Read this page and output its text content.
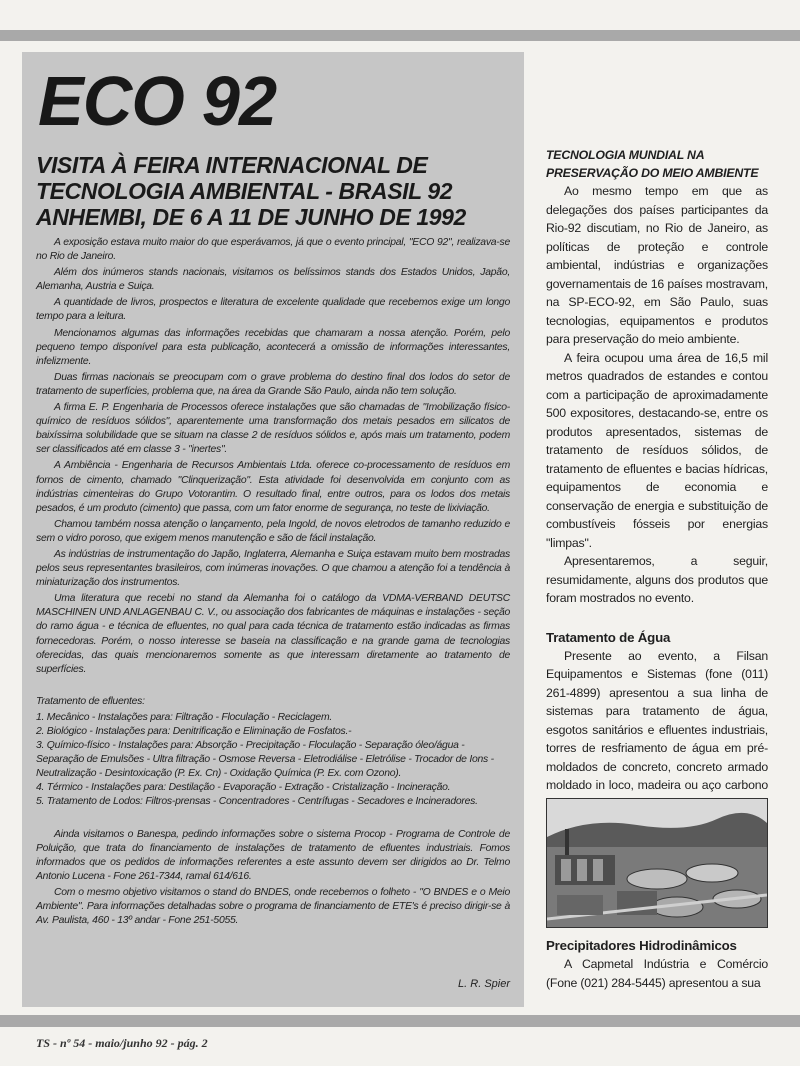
ECO 92
VISITA À FEIRA INTERNACIONAL DE
TECNOLOGIA AMBIENTAL - BRASIL 92
ANHEMBI, DE 6 A 11 DE JUNHO DE 1992

A exposição estava muito maior do que esperávamos, já que o evento principal, "ECO 92", realizava-se no Rio de Janeiro.

Além dos inúmeros stands nacionais, visitamos os belíssimos stands dos Estados Unidos, Japão, Alemanha, Austria e Suiça.

A quantidade de livros, prospectos e literatura de excelente qualidade que recebemos exige um longo tempo para a leitura.

Mencionamos algumas das informações recebidas que chamaram a nossa atenção. Porém, pelo pequeno tempo disponível para esta publicação, acontecerá a omissão de informações interessantes, infelizmente.

Duas firmas nacionais se preocupam com o grave problema do destino final dos lodos do setor de tratamento de superfícies, problema que, na área da Grande São Paulo, ainda não tem solução.

A firma E. P. Engenharia de Processos oferece instalações que são chamadas de "Imobilização físico-químico de resíduos sólidos", aparentemente uma transformação dos metais pesados em silicatos de baixíssima solubilidade que se situam na classe 2 de resíduos sólidos e, após mais um tratamento, podem ser classificados até em classe 3 - "inertes".

A Ambiência - Engenharia de Recursos Ambientais Ltda. oferece co-processamento de resíduos em fornos de cimento, chamado "Clinquerização". Esta atividade foi desenvolvida em conjunto com as indústrias cimenteiras do Grupo Votorantim. O resultado final, entre outros, para os lodos dos metais pesados, é um produto (cimento) que passa, com um fator enorme de segurança, no teste de lixiviação.

Chamou também nossa atenção o lançamento, pela Ingold, de novos eletrodos de tamanho reduzido e sem o vidro poroso, que exigem menos manutenção e são de fácil instalação.

As indústrias de instrumentação do Japão, Inglaterra, Alemanha e Suiça estavam muito bem mostradas pelos seus representantes brasileiros, com inúmeras inovações. O que chamou a atenção foi a tendência à miniaturização dos instrumentos.

Uma literatura que recebi no stand da Alemanha foi o catálogo da VDMA-VERBAND DEUTSC MASCHINEN UND ANLAGENBAU C. V., ou associação dos fabricantes de máquinas e instalações - seção do ramo água - e técnica de efluentes, no qual para cada técnica de tratamento estão indicadas as firmas fornecedoras. Porém, o nosso interesse se baseia na classificação e na grande gama de tecnologias oferecidas, das quais mencionaremos somente as que interessam diretamente ao tratamento de superfícies.

Tratamento de efluentes:

1. Mecânico - Instalações para: Filtração - Floculação - Reciclagem.
2. Biológico - Instalações para: Denitrificação e Eliminação de Fosfatos.-
3. Químico-físico - Instalações para: Absorção - Precipitação - Floculação - Separação óleo/água - Separação de Emulsões - Ultra filtração - Osmose Reversa - Eletrodiálise - Eletrólise - Trocador de Ions - Neutralização - Desintoxicação (P. Ex. Cn) - Oxidação Química (P. Ex. com Ozono).
4. Térmico - Instalações para: Destilação - Evaporação - Extração - Cristalização - Incineração.
5. Tratamento de Lodos: Filtros-prensas - Concentradores - Centrífugas - Secadores e Incineradores.

Ainda visitamos o Banespa, pedindo informações sobre o sistema Procop - Programa de Controle de Poluição, que trata do financiamento de instalações de tratamento de efluentes industriais. Fomos informados que os pedidos de informações referentes a este assunto devem ser dirigidos ao Dr. Telmo Antonio Lucena - Fone 261-7344, ramal 614/616.

Com o mesmo objetivo visitamos o stand do BNDES, onde recebemos o folheto - "O BNDES e o Meio Ambiente". Para informações detalhadas sobre o programa de financiamento de ETE's é preciso dirigir-se à Av. Paulista, 460 - 13º andar - Fone 251-5055.

L. R. Spier
TECNOLOGIA MUNDIAL NA PRESERVAÇÃO DO MEIO AMBIENTE

Ao mesmo tempo em que as delegações dos países participantes da Rio-92 discutiam, no Rio de Janeiro, as políticas de proteção e controle ambiental, indústrias e organizações governamentais de 16 países mostravam, na SP-ECO-92, em São Paulo, suas tecnologias, equipamentos e produtos para preservação do meio ambiente.

A feira ocupou uma área de 16,5 mil metros quadrados de estandes e contou com a participação de aproximadamente 500 expositores, destacando-se, entre os produtos apresentados, sistemas de tratamento de resíduos sólidos, de tratamento de efluentes e bacias hídricas, equipamentos de economia e conservação de energia e substituição de combustíveis fósseis por energias "limpas".

Apresentaremos, a seguir, resumidamente, alguns dos produtos que foram mostrados no evento.

Tratamento de Água

Presente ao evento, a Filsan Equipamentos e Sistemas (fone (011) 261-4899) apresentou a sua linha de sistemas para tratamento de água, esgotos sanitários e efluentes industriais, torres de resfriamento de água em pré-moldados de concreto, concreto armado moldado in loco, madeira ou aço carbono

Precipitadores Hidrodinâmicos

A Capmetal Indústria e Comércio (Fone (021) 284-5445) apresentou a sua

TS - nº 54 - maio/junho 92 - pág. 2
